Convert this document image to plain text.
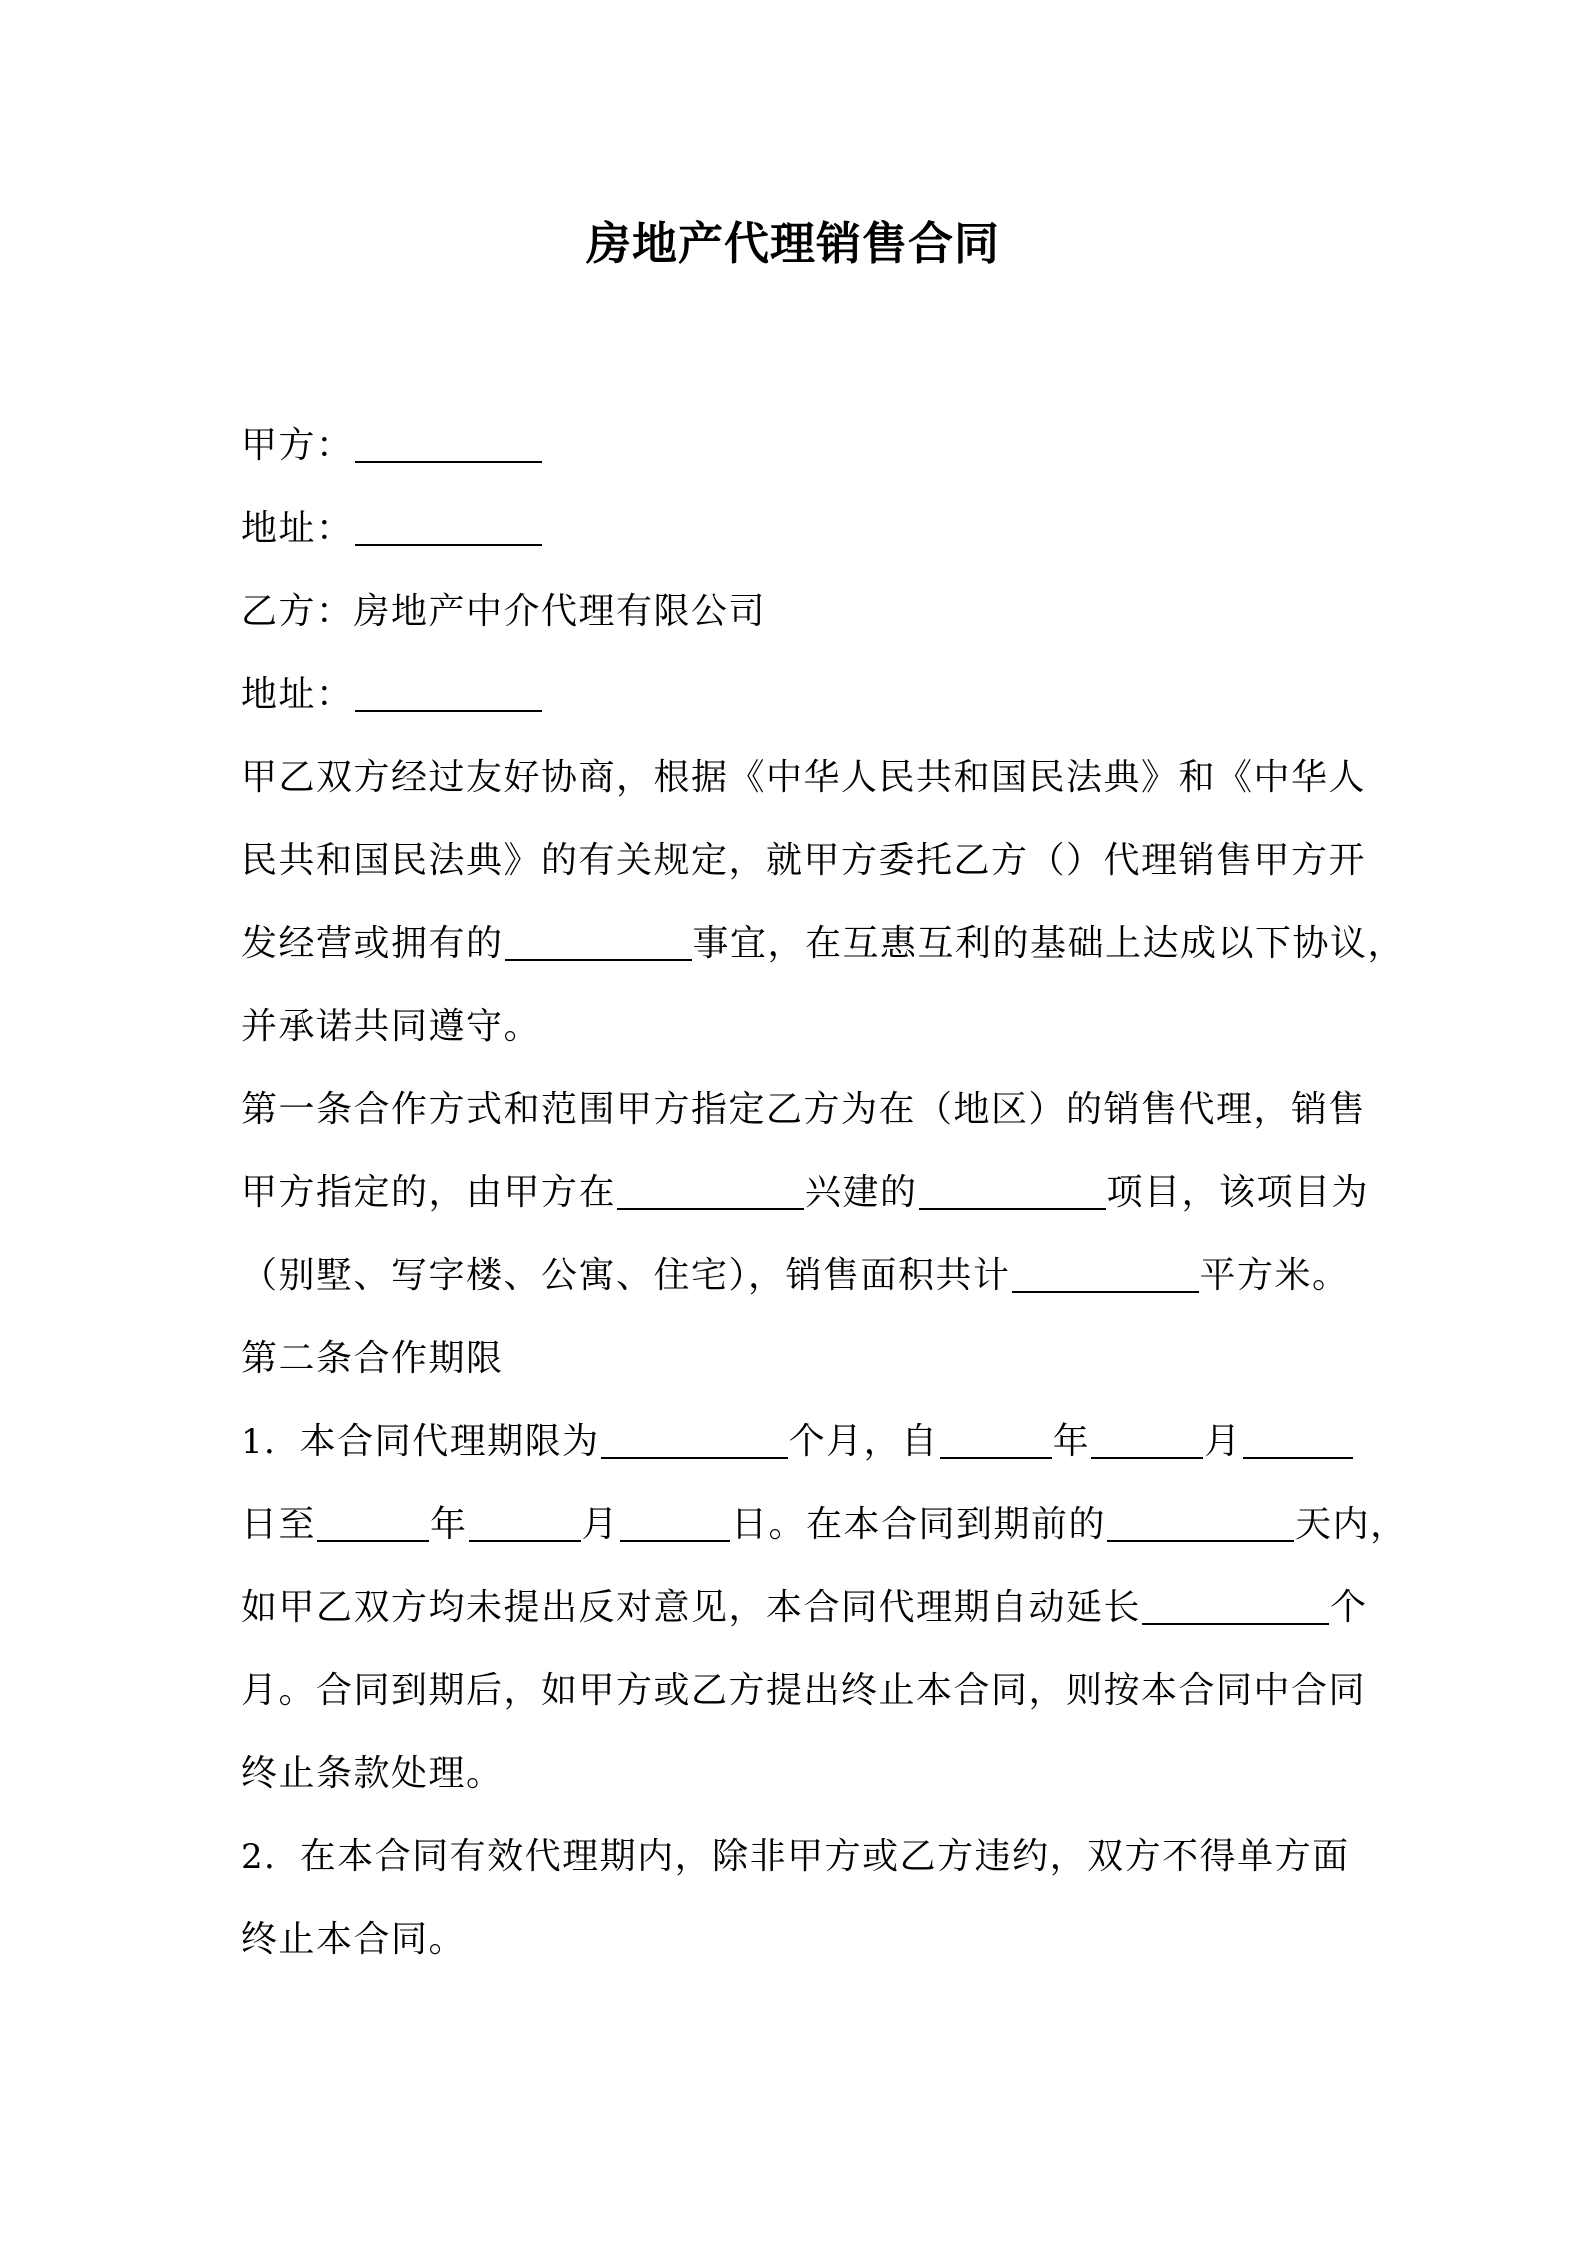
房地产代理销售合同
甲方：
地址：
乙方：房地产中介代理有限公司
地址：
甲乙双方经过友好协商，根据《中华人民共和国民法典》和《中华人
民共和国民法典》的有关规定，就甲方委托乙方（）代理销售甲方开
发经营或拥有的	事宜，在互惠互利的基础上达成以下协议，
并承诺共同遵守。
第一条合作方式和范围甲方指定乙方为在（地区）的销售代理，销售
甲方指定的，由甲方在	兴建的	项目，该项目为
（别墅、写字楼、公寓、住宅），销售面积共计	平方米。
第二条合作期限
1．本合同代理期限为	个月，自	年	月
日至	年	月	日。在本合同到期前的	天内，
如甲乙双方均未提出反对意见，本合同代理期自动延长	个
月。合同到期后，如甲方或乙方提出终止本合同，则按本合同中合同
终止条款处理。
2．在本合同有效代理期内，除非甲方或乙方违约，双方不得单方面
终止本合同。
